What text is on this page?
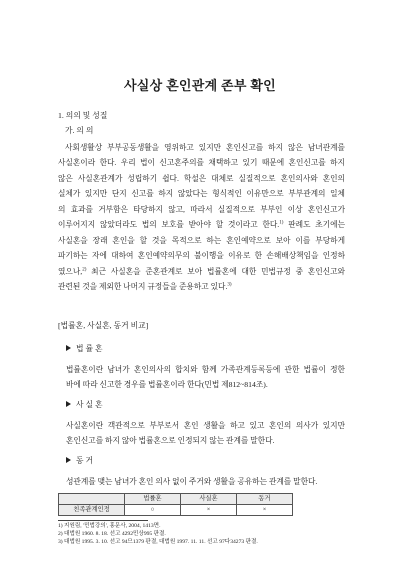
사실상 혼인관계 존부 확인
1. 의의 및 성질
가. 의 의
사회생활상 부부공동생활을 영위하고 있지만 혼인신고를 하지 않은 남녀관계를
사실혼이라 한다. 우리 법이 신고혼주의를 채택하고 있기 때문에 혼인신고를 하지
않은 사실혼관계가 성립하기 쉽다. 학설은 대체로 실질적으로 혼인의사와 혼인의
실체가 있지만 단지 신고를 하지 않았다는 형식적인 이유만으로 부부관계의 일체
의 효과를 거부함은 타당하지 않고, 따라서 실질적으로 부부인 이상 혼인신고가
이루어지지 않았더라도 법의 보호를 받아야 할 것이라고 한다.$^{1)}$ 판례도 초기에는
사실혼을 장래 혼인을 할 것을 목적으로 하는 혼인예약으로 보아 이를 부당하게
파기하는 자에 대하여 혼인예약의무의 불이행을 이유로 한 손해배상책임을 인정하
였으나,$^{2)}$ 최근 사실혼을 준혼관계로 보아 법률혼에 대한 민법규정 중 혼인신고와
관련된 것을 제외한 나머지 규정들을 준용하고 있다.$^{3)}$
[법률혼, 사실혼, 동거 비교]
법 률 혼
법률혼이란 남녀가 혼인의사의 합치와 함께 가족관계등록등에 관한 법률이 정한
바에 따라 신고한 경우를 법률혼이라 한다(민법 제812~814조).
사 실 혼
사실혼이란 객관적으로 부부로서 혼인 생활을 하고 있고 혼인의 의사가 있지만
혼인신고를 하지 않아 법률혼으로 인정되지 않는 관계를 말한다.
동 거
성관계를 맺는 남녀가 혼인 의사 없이 주거와 생활을 공유하는 관계를 말한다.
	법률혼	사실혼	동거
친족관계인정	○	×	×
1) 지원림, '민법강의', 홍문사, 2004, 1413면.
2) 대법원 1960. 8. 18. 선고 4292민상995 판결.
3) 대법원 1995. 3. 10. 선고 94므1379 판결, 대법원 1997. 11. 11. 선고 97다34273 판결.
